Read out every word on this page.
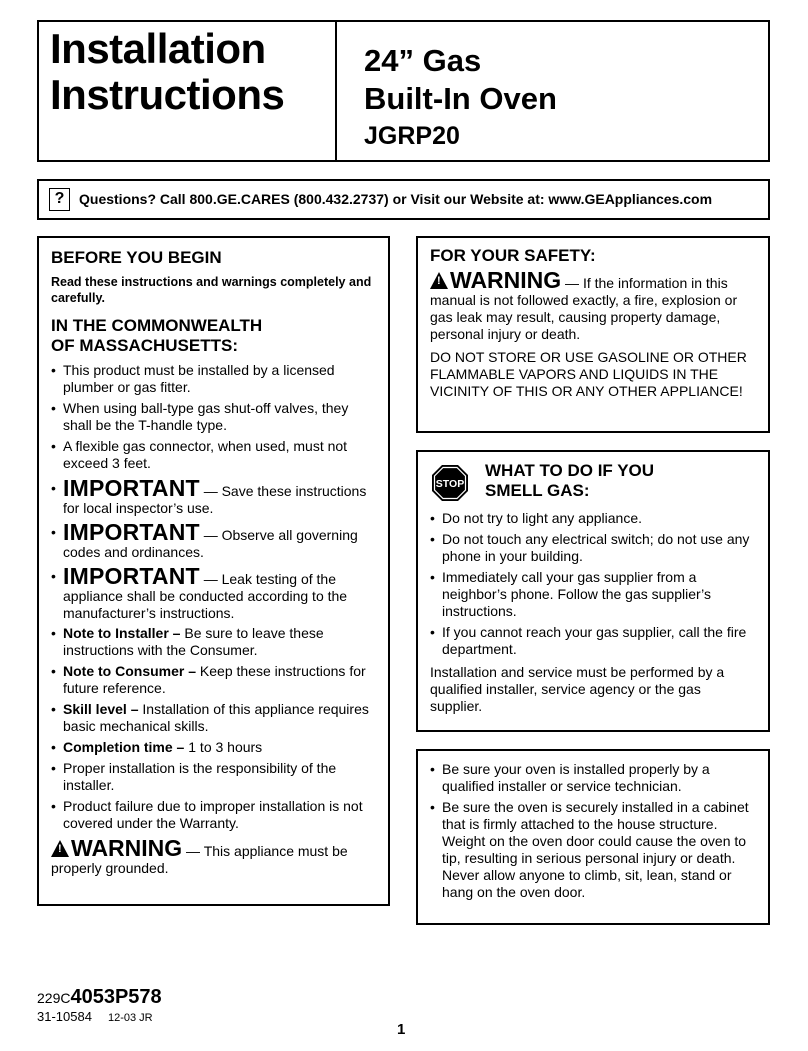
Installation
Instructions
24” Gas
Built-In Oven
JGRP20
?	Questions? Call 800.GE.CARES (800.432.2737) or Visit our Website at: www.GEAppliances.com
BEFORE YOU BEGIN
Read these instructions and warnings completely and carefully.
IN THE COMMONWEALTH
OF MASSACHUSETTS:
• This product must be installed by a licensed plumber or gas fitter.
• When using ball-type gas shut-off valves, they shall be the T-handle type.
• A flexible gas connector, when used, must not exceed 3 feet.
• IMPORTANT — Save these instructions for local inspector’s use.
• IMPORTANT — Observe all governing codes and ordinances.
• IMPORTANT — Leak testing of the appliance shall be conducted according to the manufacturer’s instructions.
• Note to Installer – Be sure to leave these instructions with the Consumer.
• Note to Consumer – Keep these instructions for future reference.
• Skill level – Installation of this appliance requires basic mechanical skills.
• Completion time – 1 to 3 hours
• Proper installation is the responsibility of the installer.
• Product failure due to improper installation is not covered under the Warranty.
!WARNING — This appliance must be properly grounded.
FOR YOUR SAFETY:
!WARNING — If the information in this manual is not followed exactly, a fire, explosion or gas leak may result, causing property damage, personal injury or death.

DO NOT STORE OR USE GASOLINE OR OTHER FLAMMABLE VAPORS AND LIQUIDS IN THE VICINITY OF THIS OR ANY OTHER APPLIANCE!

STOP
WHAT TO DO IF YOU
SMELL GAS:
• Do not try to light any appliance.
• Do not touch any electrical switch; do not use any phone in your building.
• Immediately call your gas supplier from a neighbor’s phone. Follow the gas supplier’s instructions.
• If you cannot reach your gas supplier, call the fire department.

Installation and service must be performed by a qualified installer, service agency or the gas supplier.

• Be sure your oven is installed properly by a qualified installer or service technician.
• Be sure the oven is securely installed in a cabinet that is firmly attached to the house structure. Weight on the oven door could cause the oven to tip, resulting in serious personal injury or death. Never allow anyone to climb, sit, lean, stand or hang on the oven door.
229C4053P578
31-10584 12-03 JR
1
